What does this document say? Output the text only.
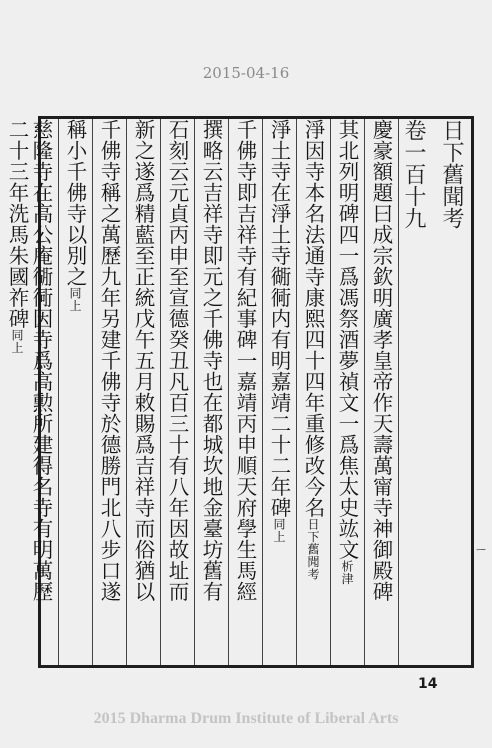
2015-04-16
日下舊聞考 卷一百十九
ㄧ
慶豪額題曰成宗欽明廣孝皇帝作天壽萬甯寺神御殿碑
其北列明碑四一爲馮祭酒夢禎文一爲焦太史竑文析津
淨因寺本名法通寺康熙四十四年重修改今名日下舊聞考
淨土寺在淨土寺衚衕内有明嘉靖二十二年碑同上
千佛寺即吉祥寺有紀事碑一嘉靖丙申順天府學生馬經
撰略云吉祥寺即元之千佛寺也在都城坎地金臺坊舊有
石刻云元貞丙申至宣德癸丑凡百三十有八年因故址而
新之遂爲精藍至正統戊午五月敕賜爲吉祥寺而俗猶以
千佛寺稱之萬歷九年另建千佛寺於德勝門北八步口遂
稱小千佛寺以別之同上
慈隆寺在高公庵衚衕因寺爲高勲所建得名寺有明萬歷
二十三年洗馬朱國祚碑同上
14
2015 Dharma Drum Institute of Liberal Arts
